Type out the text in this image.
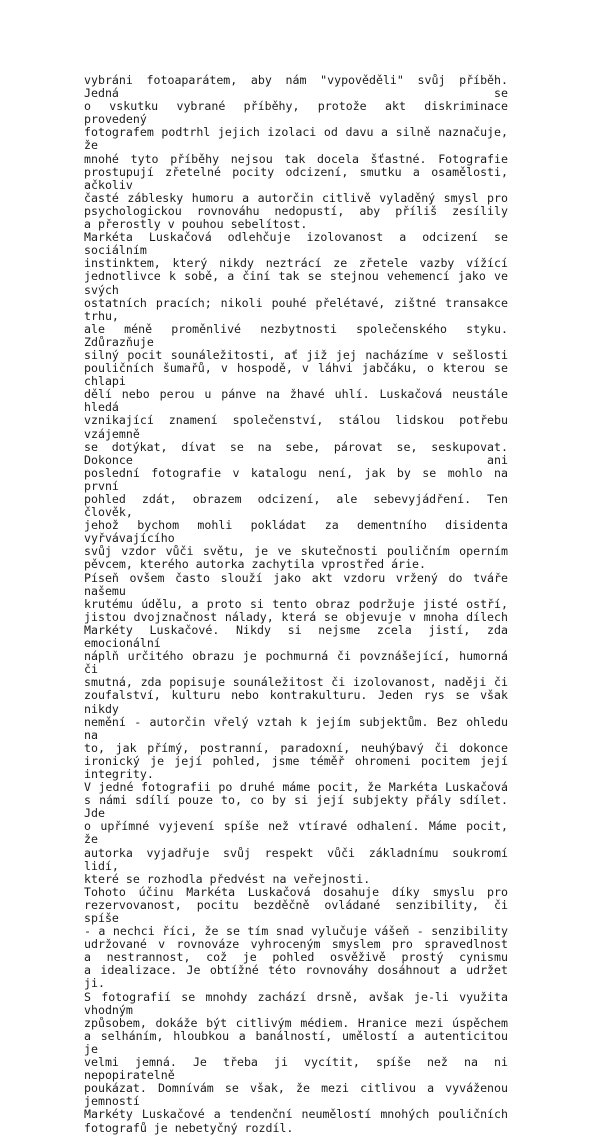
vybráni fotoaparátem, aby nám "vypověděli" svůj příběh. Jedná se
o vskutku vybrané příběhy, protože akt diskriminace provedený
fotografem podtrhl jejich izolaci od davu a silně naznačuje, že
mnohé tyto příběhy nejsou tak docela šťastné. Fotografie
prostupují zřetelné pocity odcizení, smutku a osamělosti, ačkoliv
časté záblesky humoru a autorčin citlivě vyladěný smysl pro
psychologickou rovnováhu nedopustí, aby příliš zesílily
a přerostly v pouhou sebelítost.

Markéta Luskačová odlehčuje izolovanost a odcizení se sociálním
instinktem, který nikdy neztrácí ze zřetele vazby vížící
jednotlivce k sobě, a činí tak se stejnou vehemencí jako ve svých
ostatních pracích; nikoli pouhé přelétavé, zištné transakce trhu,
ale méně proměnlivé nezbytnosti společenského styku. Zdůrazňuje
silný pocit sounáležitosti, ať již jej nacházíme v sešlosti
pouličních šumařů, v hospodě, v láhvi jabčáku, o kterou se chlapi
dělí nebo perou u pánve na žhavé uhlí. Luskačová neustále hledá
vznikající znamení společenství, stálou lidskou potřebu vzájemně
se dotýkat, dívat se na sebe, párovat se, seskupovat. Dokonce ani
poslední fotografie v katalogu není, jak by se mohlo na první
pohled zdát, obrazem odcizení, ale sebevyjádření. Ten člověk,
jehož bychom mohli pokládat za dementního disidenta vyřvávajícího
svůj vzdor vůči světu, je ve skutečnosti pouličním operním
pěvcem, kterého autorka zachytila vprostřed árie.

Píseň ovšem často slouží jako akt vzdoru vržený do tváře našemu
krutému údělu, a proto si tento obraz podržuje jisté ostří,
jistou dvojznačnost nálady, která se objevuje v mnoha dílech
Markéty Luskačové. Nikdy si nejsme zcela jistí, zda emocionální
náplň určitého obrazu je pochmurná či povznášející, humorná či
smutná, zda popisuje sounáležitost či izolovanost, naději či
zoufalství, kulturu nebo kontrakulturu. Jeden rys se však nikdy
nemění - autorčin vřelý vztah k jejím subjektům. Bez ohledu na
to, jak přímý, postranní, paradoxní, neuhýbavý či dokonce
ironický je její pohled, jsme téměř ohromeni pocitem její
integrity.

V jedné fotografii po druhé máme pocit, že Markéta Luskačová
s námi sdílí pouze to, co by si její subjekty přály sdílet. Jde
o upřímné vyjevení spíše než vtíravé odhalení. Máme pocit, že
autorka vyjadřuje svůj respekt vůči základnímu soukromí lidí,
které se rozhodla předvést na veřejnosti.

Tohoto účinu Markéta Luskačová dosahuje díky smyslu pro
rezervovanost, pocitu bezděčně ovládané senzibility, či spíše
- a nechci říci, že se tím snad vylučuje vášeň - senzibility
udržované v rovnováze vyhroceným smyslem pro spravedlnost
a nestrannost, což je pohled osvěživě prostý cynismu
a idealizace. Je obtížné této rovnováhy dosáhnout a udržet ji.
S fotografií se mnohdy zachází drsně, avšak je-li využita vhodným
způsobem, dokáže být citlivým médiem. Hranice mezi úspěchem
a selháním, hloubkou a banálností, umělostí a autenticitou je
velmi jemná. Je třeba ji vycítit, spíše než na ni nepopiratelně
poukázat. Domnívám se však, že mezi citlivou a vyváženou jemností
Markéty Luskačové a tendenční neumělostí mnohých pouličních
fotografů je nebetyčný rozdíl.
